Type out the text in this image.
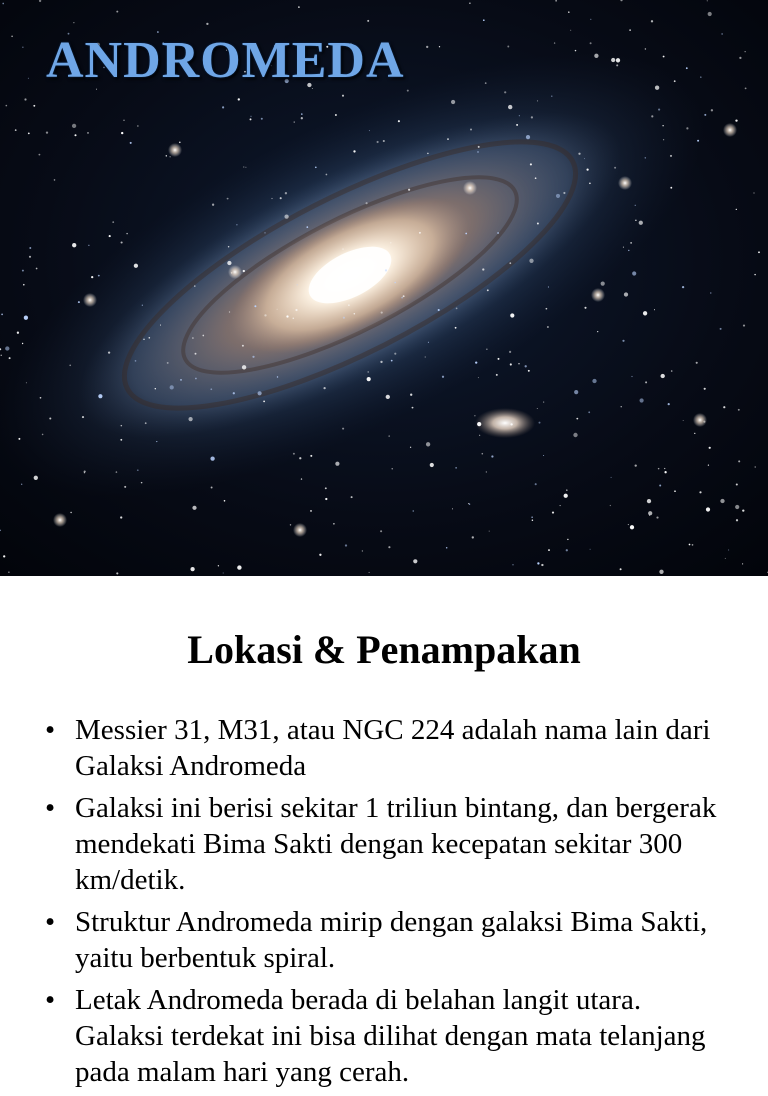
ANDROMEDA
Lokasi & Penampakan
• Messier 31, M31, atau NGC 224 adalah nama lain dari Galaksi Andromeda
• Galaksi ini berisi sekitar 1 triliun bintang, dan bergerak mendekati Bima Sakti dengan kecepatan sekitar 300 km/detik.
• Struktur Andromeda mirip dengan galaksi Bima Sakti, yaitu berbentuk spiral.
• Letak Andromeda berada di belahan langit utara. Galaksi terdekat ini bisa dilihat dengan mata telanjang pada malam hari yang cerah.
